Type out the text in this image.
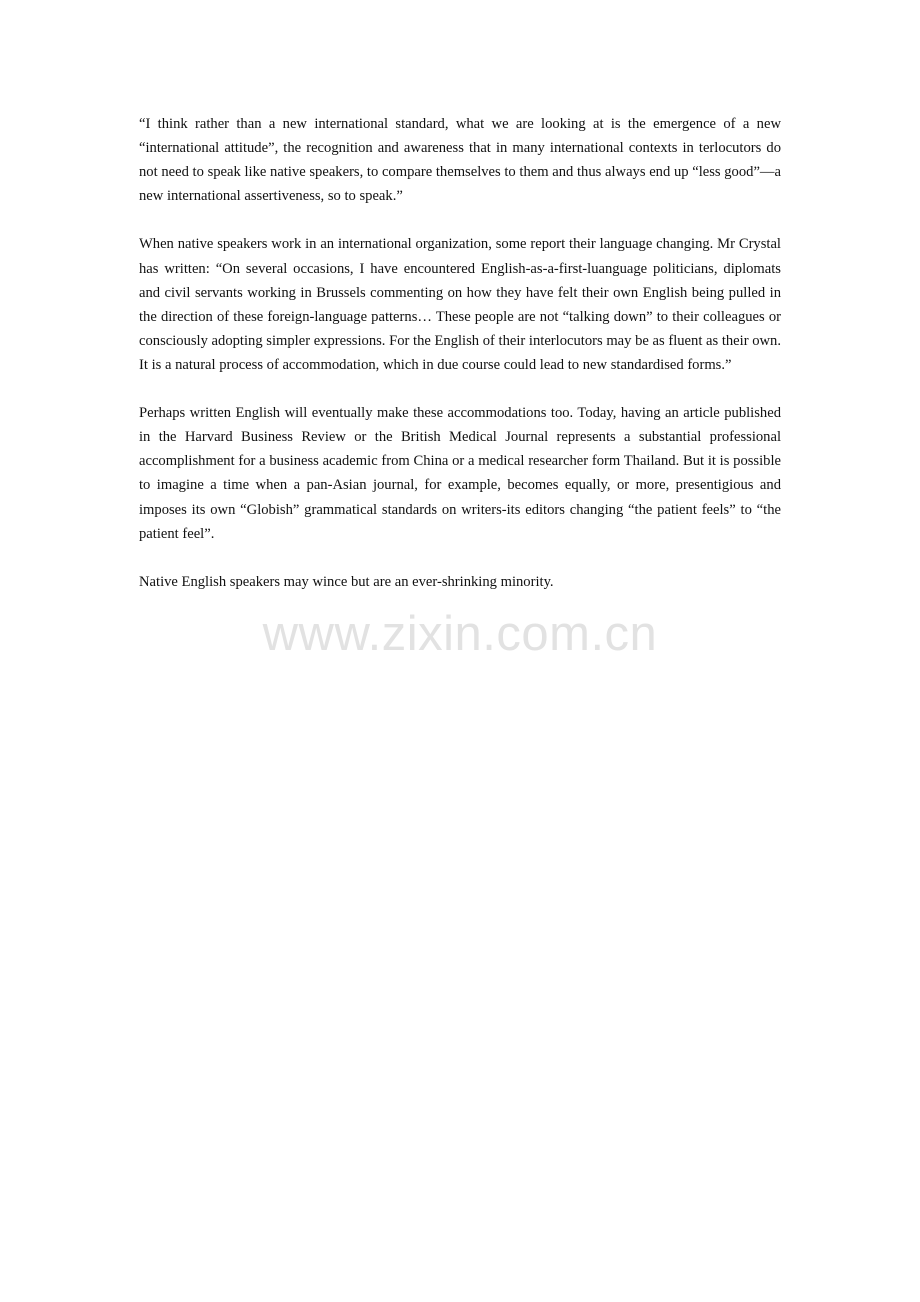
“I think rather than a new international standard, what we are looking at is the emergence of a new “international attitude”, the recognition and awareness that in many international contexts in terlocutors do not need to speak like native speakers, to compare themselves to them and thus always end up “less good”—a new international assertiveness, so to speak.”

When native speakers work in an international organization, some report their language changing. Mr Crystal has written: “On several occasions, I have encountered English-as-a-first-luanguage politicians, diplomats and civil servants working in Brussels commenting on how they have felt their own English being pulled in the direction of these foreign-language patterns… These people are not “talking down” to their colleagues or consciously adopting simpler expressions. For the English of their interlocutors may be as fluent as their own. It is a natural process of accommodation, which in due course could lead to new standardised forms.”

Perhaps written English will eventually make these accommodations too. Today, having an article published in the Harvard Business Review or the British Medical Journal represents a substantial professional accomplishment for a business academic from China or a medical researcher form Thailand. But it is possible to imagine a time when a pan-Asian journal, for example, becomes equally, or more, presentigious and imposes its own “Globish” grammatical standards on writers-its editors changing “the patient feels” to “the patient feel”.

Native English speakers may wince but are an ever-shrinking minority.

www.zixin.com.cn
